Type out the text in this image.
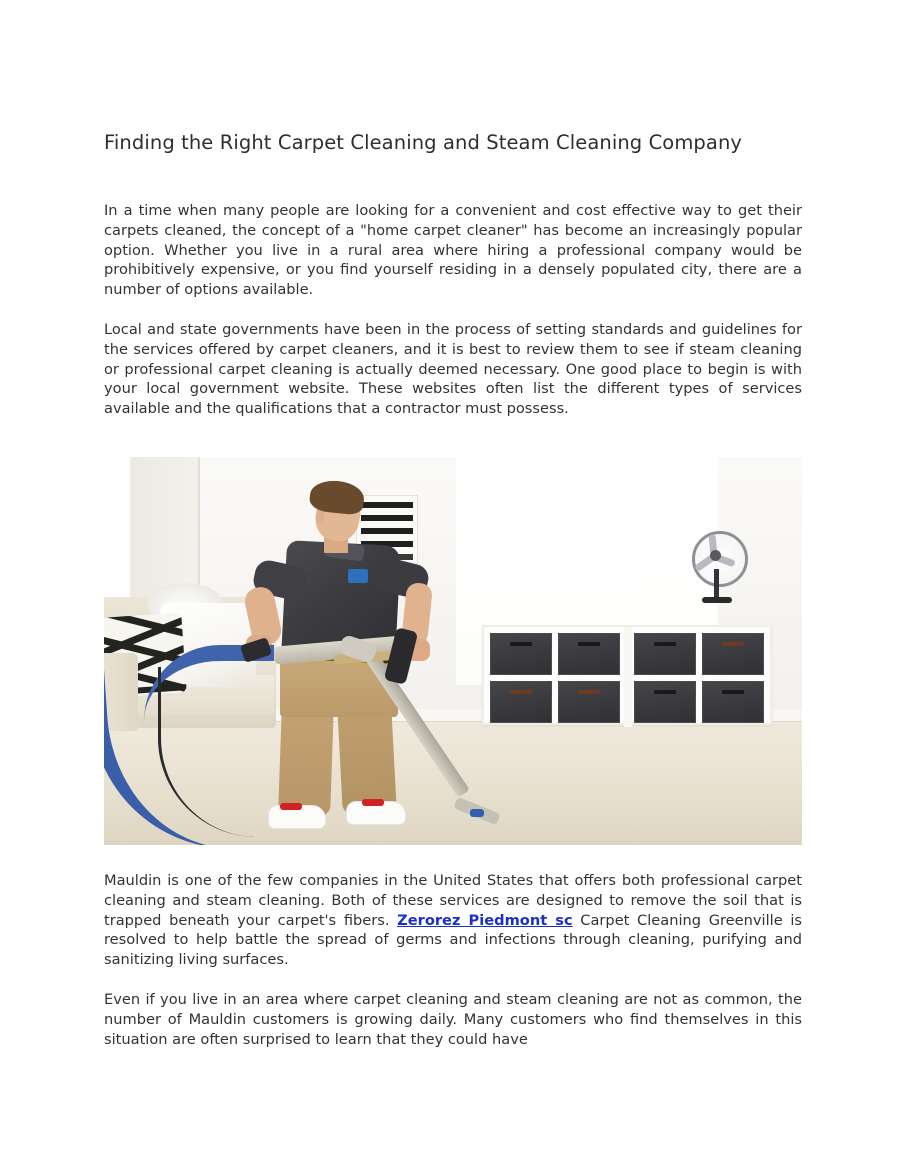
Finding the Right Carpet Cleaning and Steam Cleaning Company

In a time when many people are looking for a convenient and cost effective way to get their carpets cleaned, the concept of a "home carpet cleaner" has become an increasingly popular option. Whether you live in a rural area where hiring a professional company would be prohibitively expensive, or you find yourself residing in a densely populated city, there are a number of options available.

Local and state governments have been in the process of setting standards and guidelines for the services offered by carpet cleaners, and it is best to review them to see if steam cleaning or professional carpet cleaning is actually deemed necessary. One good place to begin is with your local government website. These websites often list the different types of services available and the qualifications that a contractor must possess.

Mauldin is one of the few companies in the United States that offers both professional carpet cleaning and steam cleaning. Both of these services are designed to remove the soil that is trapped beneath your carpet's fibers. Zerorez Piedmont sc Carpet Cleaning Greenville is resolved to help battle the spread of germs and infections through cleaning, purifying and sanitizing living surfaces.

Even if you live in an area where carpet cleaning and steam cleaning are not as common, the number of Mauldin customers is growing daily. Many customers who find themselves in this situation are often surprised to learn that they could have
